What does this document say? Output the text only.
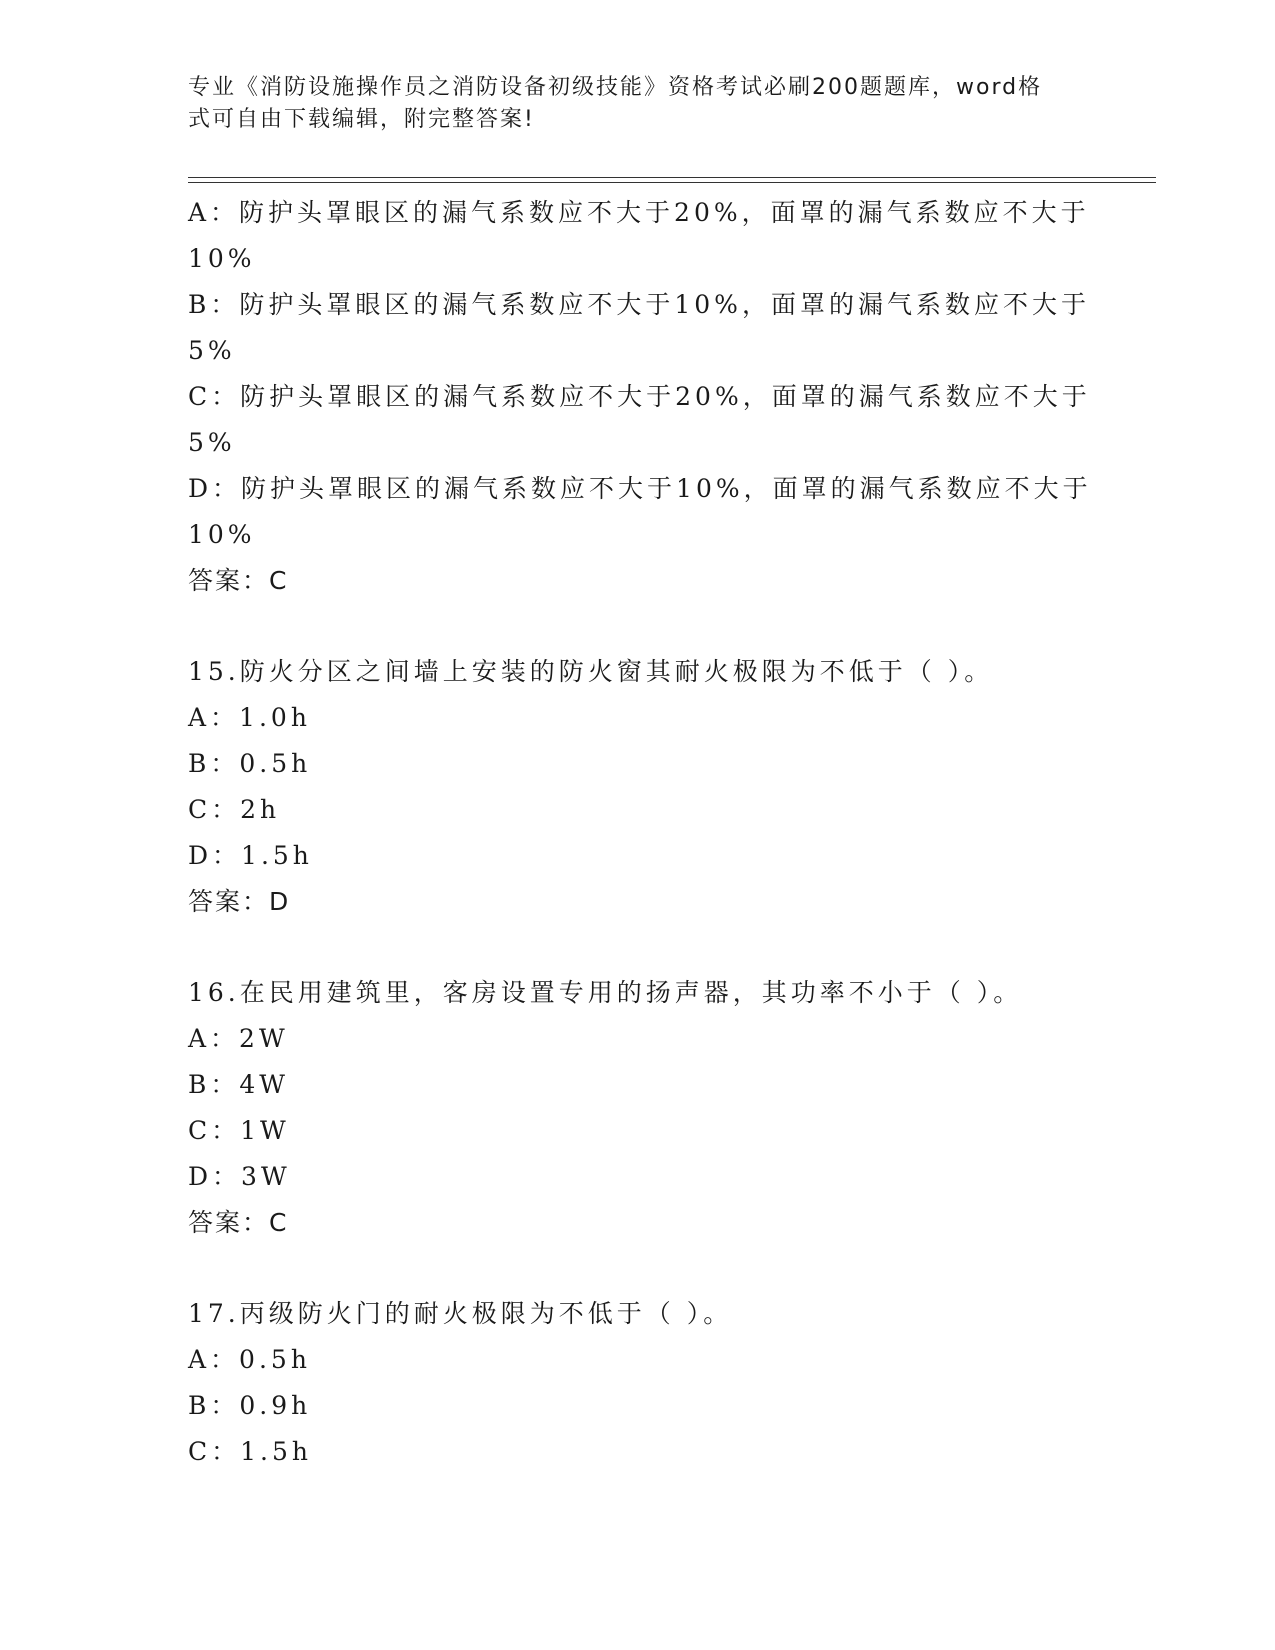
专业《消防设施操作员之消防设备初级技能》资格考试必刷200题题库，word格
式可自由下载编辑，附完整答案!
A：防护头罩眼区的漏气系数应不大于20%，面罩的漏气系数应不大于
10%
B：防护头罩眼区的漏气系数应不大于10%，面罩的漏气系数应不大于
5%
C：防护头罩眼区的漏气系数应不大于20%，面罩的漏气系数应不大于
5%
D：防护头罩眼区的漏气系数应不大于10%，面罩的漏气系数应不大于
10%
答案：C
15.防火分区之间墙上安装的防火窗其耐火极限为不低于（ ）。
A：1.0h
B：0.5h
C：2h
D：1.5h
答案：D
16.在民用建筑里，客房设置专用的扬声器，其功率不小于（ ）。
A：2W
B：4W
C：1W
D：3W
答案：C
17.丙级防火门的耐火极限为不低于（ ）。
A：0.5h
B：0.9h
C：1.5h
